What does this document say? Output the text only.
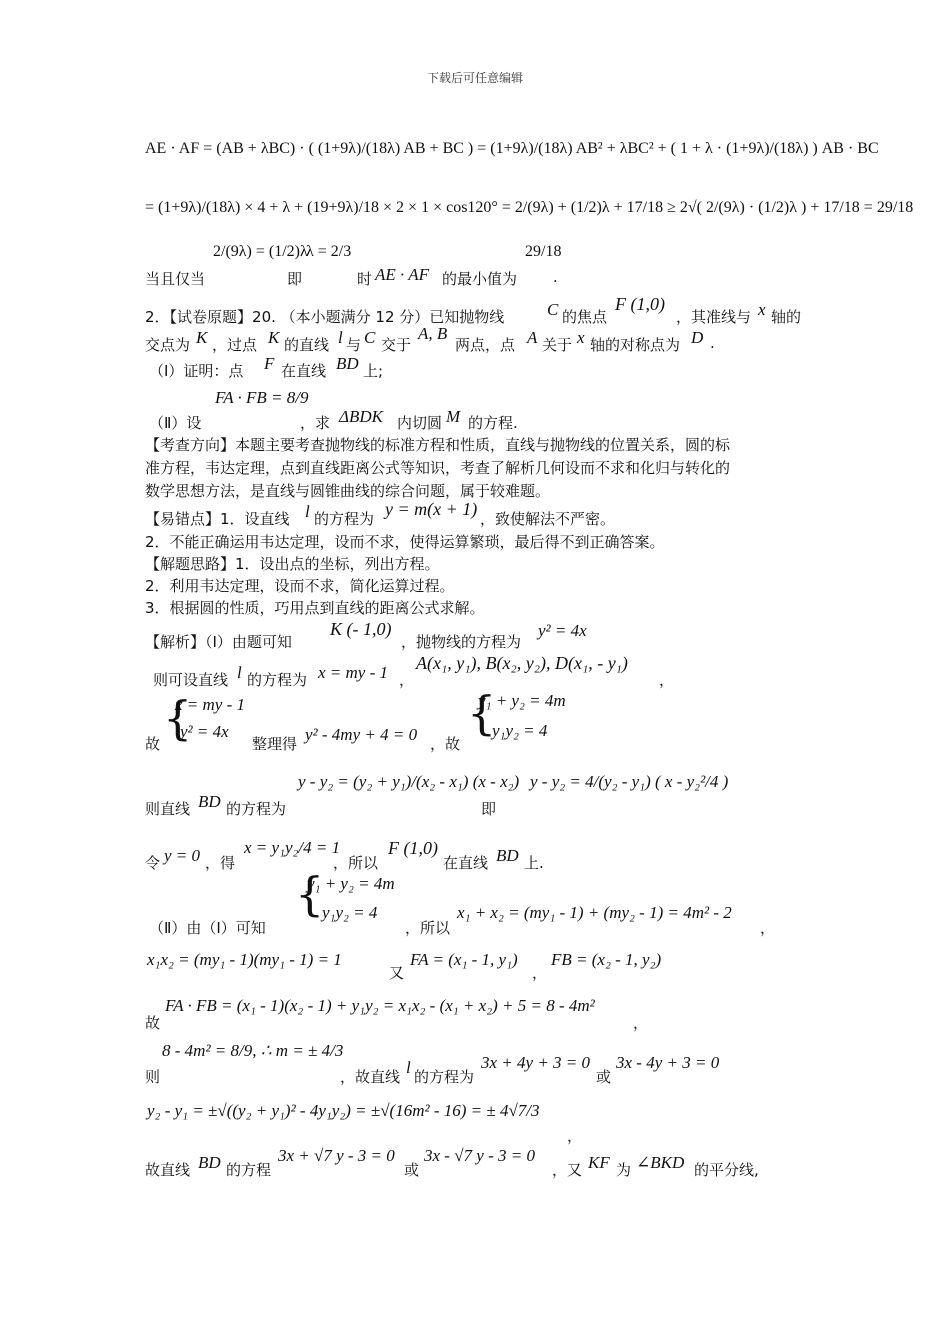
下载后可任意编辑
AE · AF = (AB + λBC) · ( (1+9λ)/(18λ) AB + BC ) = (1+9λ)/(18λ) AB² + λBC² + ( 1 + λ · (1+9λ)/(18λ) ) AB · BC
= (1+9λ)/(18λ) × 4 + λ + (19+9λ)/18 × 2 × 1 × cos120° = 2/(9λ) + (1/2)λ + 17/18 ≥ 2√( 2/(9λ) · (1/2)λ ) + 17/18 = 29/18
2/(9λ) = (1/2)λ
λ = 2/3	29/18
当且仅当	即	时 AE · AF 的最小值为 .
2．【试卷原题】20. （本小题满分 12 分）已知抛物线	C 的焦点
F (1,0)
，其准线与 x 轴的
交点为 K ，过点 K 的直线 l 与 C 交于
A, B
两点，点 A 关于 x 轴的对称点为 D .
（Ⅰ）证明：点 F 在直线 BD 上;
FA · FB = 8/9
（Ⅱ）设	，求 ΔBDK 内切圆 M 的方程.
【考查方向】本题主要考查抛物线的标准方程和性质，直线与抛物线的位置关系，圆的标
准方程，韦达定理，点到直线距离公式等知识，考查了解析几何设而不求和化归与转化的
数学思想方法，是直线与圆锥曲线的综合问题，属于较难题。
【易错点】1．设直线 l 的方程为 y = m(x + 1) ，致使解法不严密。
2．不能正确运用韦达定理，设而不求，使得运算繁琐，最后得不到正确答案。
【解题思路】1．设出点的坐标，列出方程。
2．利用韦达定理，设而不求，简化运算过程。
3．根据圆的性质，巧用点到直线的距离公式求解。
【解析】（Ⅰ）由题可知
K (- 1,0)
，抛物线的方程为
y² = 4x
则可设直线 l 的方程为 x = my - 1 ，
A(x₁, y₁), B(x₂, y₂), D(x₁, - y₁)
，
故 {
x = my - 1
y² = 4x
整理得 y² - 4my + 4 = 0 ，故
{
y₁ + y₂ = 4m
y₁y₂ = 4
则直线 BD 的方程为
y - y₂ = (y₂ + y₁)/(x₂ - x₁) (x - x₂)
即
y - y₂ = 4/(y₂ - y₁) ( x - y₂²/4 )
令 y = 0 ，得
x = y₁y₂/4 = 1
，所以
F (1,0)
在直线 BD 上.
（Ⅱ）由（Ⅰ）可知
{
y₁ + y₂ = 4m
y₁y₂ = 4
，所以
x₁ + x₂ = (my₁ - 1) + (my₂ - 1) = 4m² - 2
，
x₁x₂ = (my₁ - 1)(my₁ - 1) = 1
又
FA = (x₁ - 1, y₁)
，
FB = (x₂ - 1, y₂)
故
FA · FB = (x₁ - 1)(x₂ - 1) + y₁y₂ = x₁x₂ - (x₁ + x₂) + 5 = 8 - 4m²
，
则
8 - 4m² = 8/9, ∴ m = ± 4/3
，故直线 l 的方程为
3x + 4y + 3 = 0
或
3x - 4y + 3 = 0
y₂ - y₁ = ±√((y₂ + y₁)² - 4y₁y₂) = ±√(16m² - 16) = ± 4√7/3
，
故直线 BD 的方程
3x + √7 y - 3 = 0
或
3x - √7 y - 3 = 0
，又 KF 为 ∠BKD 的平分线,
